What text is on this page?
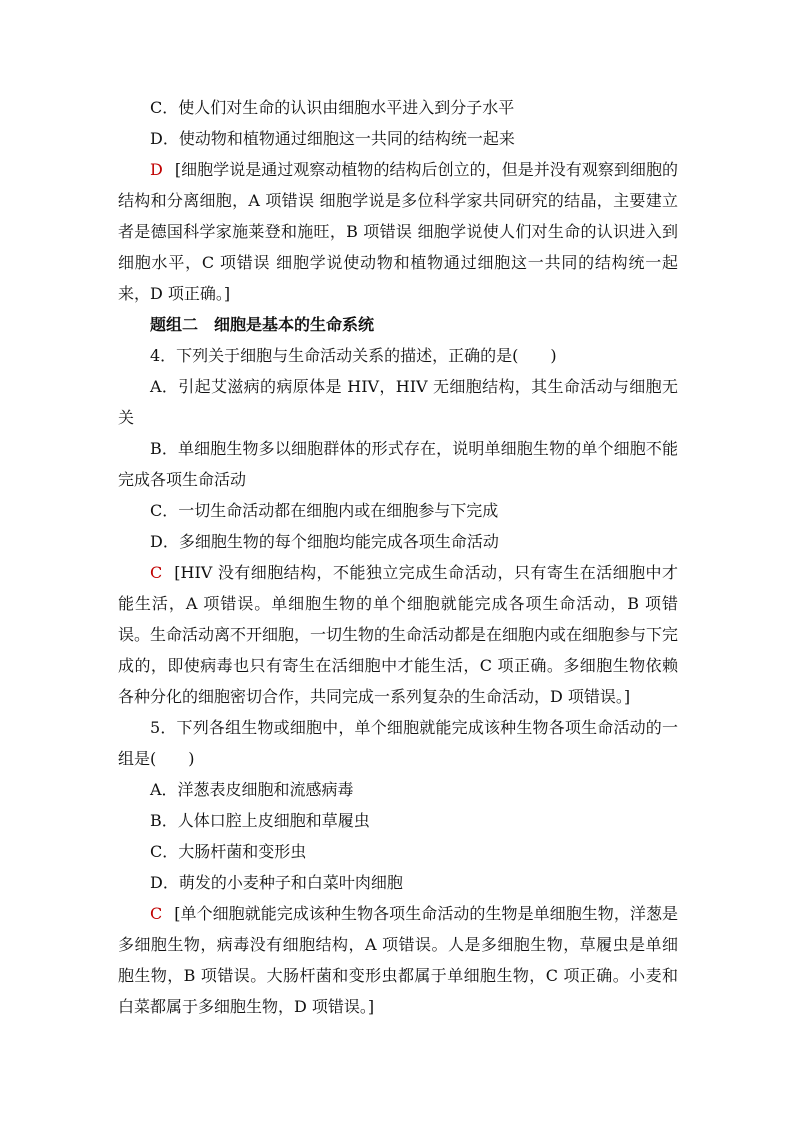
C．使人们对生命的认识由细胞水平进入到分子水平

D．使动物和植物通过细胞这一共同的结构统一起来

D [细胞学说是通过观察动植物的结构后创立的，但是并没有观察到细胞的结构和分离细胞，A 项错误 细胞学说是多位科学家共同研究的结晶，主要建立者是德国科学家施莱登和施旺，B 项错误 细胞学说使人们对生命的认识进入到细胞水平，C 项错误 细胞学说使动物和植物通过细胞这一共同的结构统一起来，D 项正确。]

题组二　细胞是基本的生命系统

4．下列关于细胞与生命活动关系的描述，正确的是(　　)

A．引起艾滋病的病原体是 HIV，HIV 无细胞结构，其生命活动与细胞无关

B．单细胞生物多以细胞群体的形式存在，说明单细胞生物的单个细胞不能完成各项生命活动

C．一切生命活动都在细胞内或在细胞参与下完成

D．多细胞生物的每个细胞均能完成各项生命活动

C [HIV 没有细胞结构，不能独立完成生命活动，只有寄生在活细胞中才能生活，A 项错误。单细胞生物的单个细胞就能完成各项生命活动，B 项错误。生命活动离不开细胞，一切生物的生命活动都是在细胞内或在细胞参与下完成的，即使病毒也只有寄生在活细胞中才能生活，C 项正确。多细胞生物依赖各种分化的细胞密切合作，共同完成一系列复杂的生命活动，D 项错误。]

5．下列各组生物或细胞中，单个细胞就能完成该种生物各项生命活动的一组是(　　)

A．洋葱表皮细胞和流感病毒

B．人体口腔上皮细胞和草履虫

C．大肠杆菌和变形虫

D．萌发的小麦种子和白菜叶肉细胞

C [单个细胞就能完成该种生物各项生命活动的生物是单细胞生物，洋葱是多细胞生物，病毒没有细胞结构，A 项错误。人是多细胞生物，草履虫是单细胞生物，B 项错误。大肠杆菌和变形虫都属于单细胞生物，C 项正确。小麦和白菜都属于多细胞生物，D 项错误。]
